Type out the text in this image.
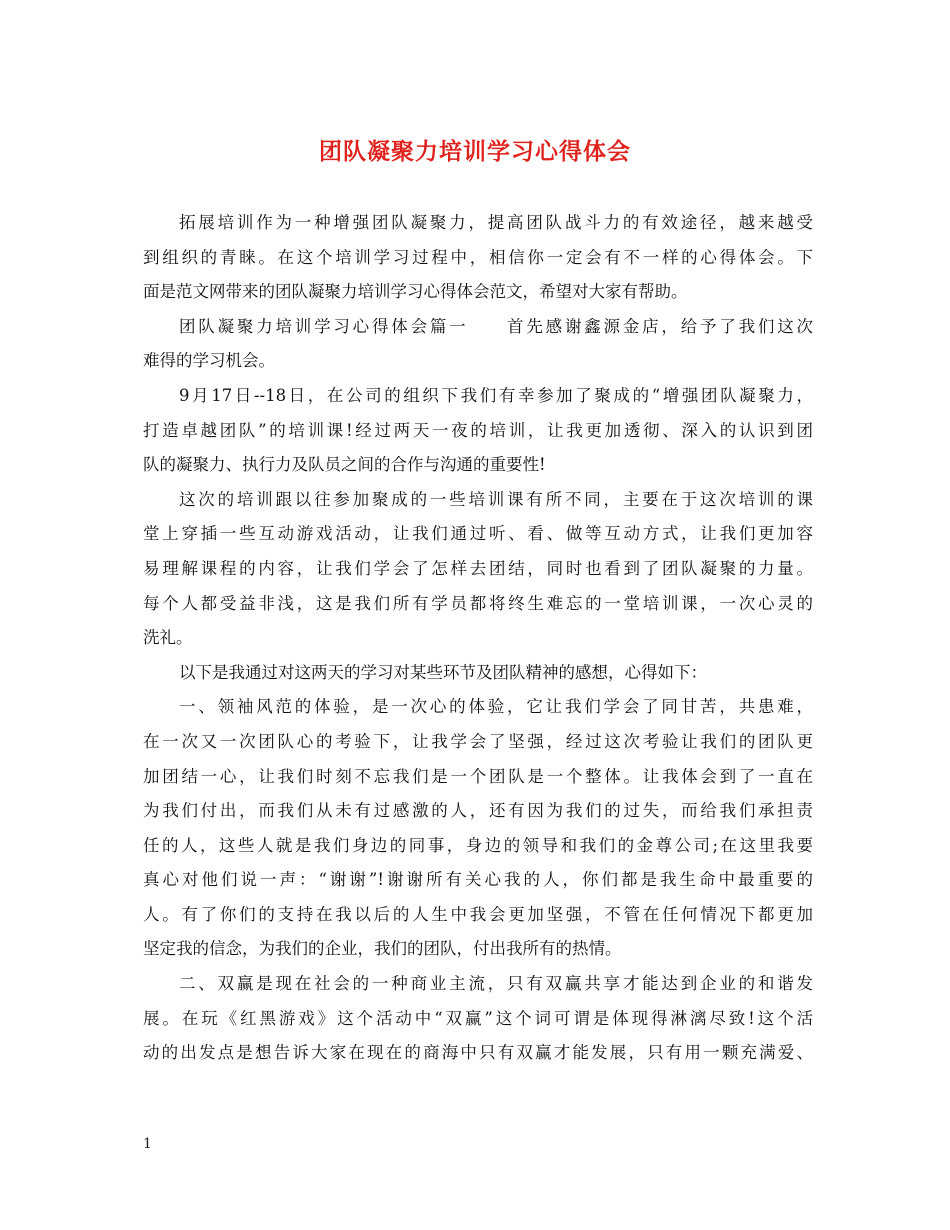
团队凝聚力培训学习心得体会
拓展培训作为一种增强团队凝聚力，提高团队战斗力的有效途径，越来越受
到组织的青睐。在这个培训学习过程中，相信你一定会有不一样的心得体会。下
面是范文网带来的团队凝聚力培训学习心得体会范文，希望对大家有帮助。
团队凝聚力培训学习心得体会篇一　　首先感谢鑫源金店，给予了我们这次
难得的学习机会。
9月17日--18日，在公司的组织下我们有幸参加了聚成的“增强团队凝聚力，
打造卓越团队”的培训课!经过两天一夜的培训，让我更加透彻、深入的认识到团
队的凝聚力、执行力及队员之间的合作与沟通的重要性!
这次的培训跟以往参加聚成的一些培训课有所不同，主要在于这次培训的课
堂上穿插一些互动游戏活动，让我们通过听、看、做等互动方式，让我们更加容
易理解课程的内容，让我们学会了怎样去团结，同时也看到了团队凝聚的力量。
每个人都受益非浅，这是我们所有学员都将终生难忘的一堂培训课，一次心灵的
洗礼。
以下是我通过对这两天的学习对某些环节及团队精神的感想，心得如下：
一、领袖风范的体验，是一次心的体验，它让我们学会了同甘苦，共患难，
在一次又一次团队心的考验下，让我学会了坚强，经过这次考验让我们的团队更
加团结一心，让我们时刻不忘我们是一个团队是一个整体。让我体会到了一直在
为我们付出，而我们从未有过感激的人，还有因为我们的过失，而给我们承担责
任的人，这些人就是我们身边的同事，身边的领导和我们的金尊公司;在这里我要
真心对他们说一声：“谢谢”!谢谢所有关心我的人，你们都是我生命中最重要的
人。有了你们的支持在我以后的人生中我会更加坚强，不管在任何情况下都更加
坚定我的信念，为我们的企业，我们的团队，付出我所有的热情。
二、双赢是现在社会的一种商业主流，只有双赢共享才能达到企业的和谐发
展。在玩《红黑游戏》这个活动中“双赢”这个词可谓是体现得淋漓尽致!这个活
动的出发点是想告诉大家在现在的商海中只有双赢才能发展，只有用一颗充满爱、
1
